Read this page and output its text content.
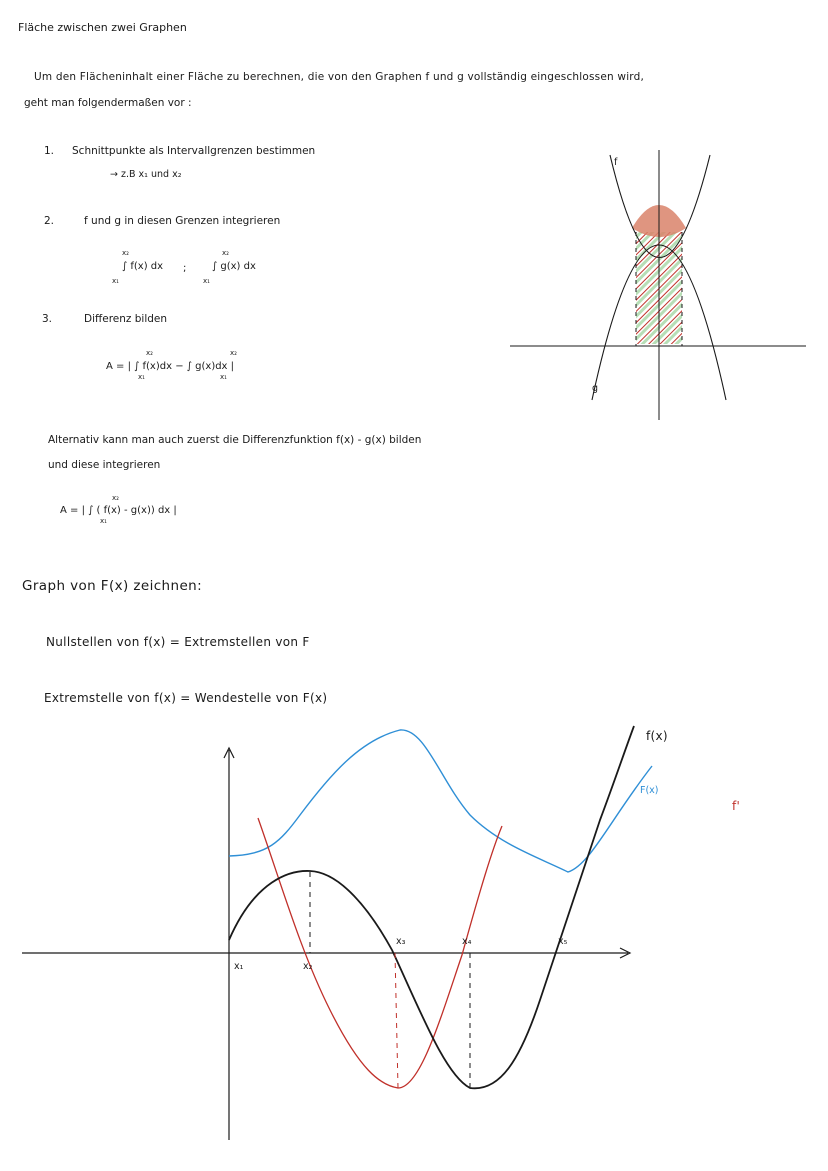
Fläche zwischen zwei Graphen
Um den Flächeninhalt einer Fläche zu berechnen, die von den Graphen f und g vollständig eingeschlossen wird,
geht man folgendermaßen vor :
1. Schnittpunkte als Intervallgrenzen bestimmen
→ z.B x₁ und x₂
2.	f und g in diesen Grenzen integrieren
∫ f(x) dx
x₂
x₁
;	∫ g(x) dx
x₂
x₁
3.	Differenz bilden
A = | ∫ f(x)dx − ∫ g(x)dx |
x₂
x₁
x₂
x₁
Alternativ kann man auch zuerst die Differenzfunktion f(x) - g(x) bilden
und diese integrieren
A = | ∫ ( f(x) - g(x)) dx |
x₂
x₁
Graph von F(x) zeichnen:
Nullstellen von f(x) = Extremstellen von F
Extremstelle von f(x) = Wendestelle von F(x)
f
g
f(x)
F(x)
f'
x₁	x₂
x₃	x₄	x₅
